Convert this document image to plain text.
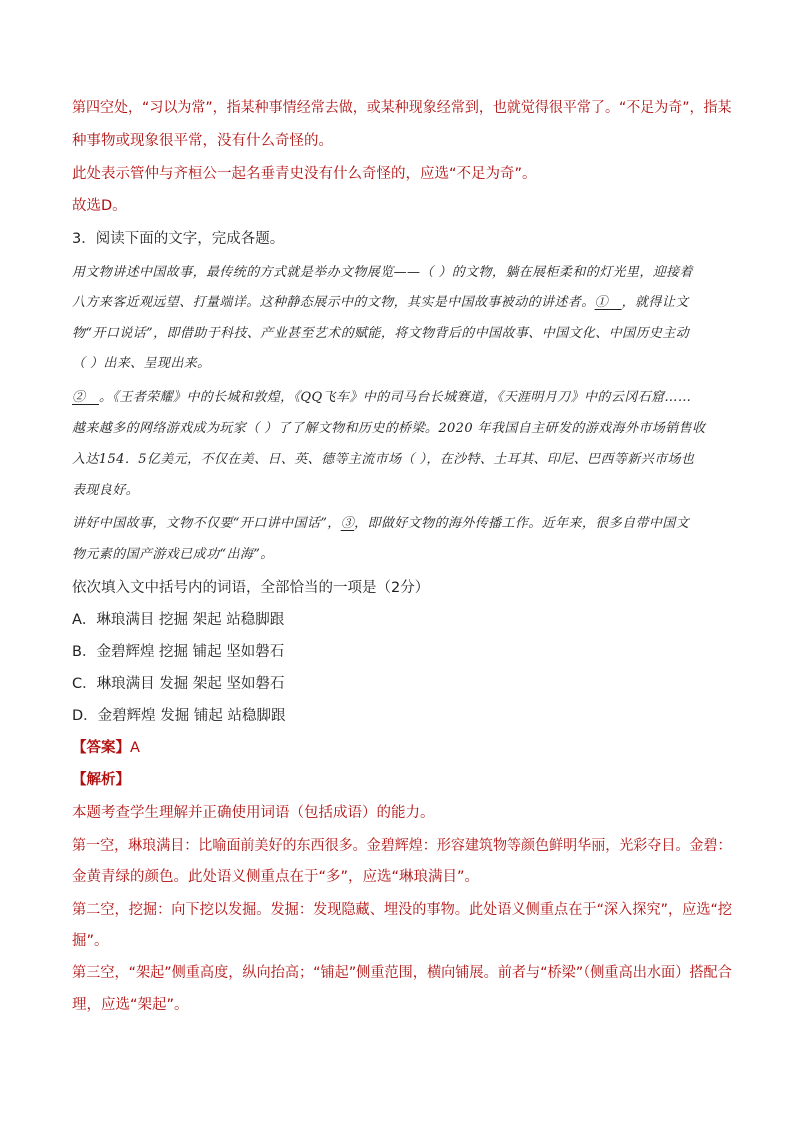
第四空处，“习以为常”，指某种事情经常去做，或某种现象经常到，也就觉得很平常了。“不足为奇”，指某
种事物或现象很平常，没有什么奇怪的。
此处表示管仲与齐桓公一起名垂青史没有什么奇怪的，应选“不足为奇”。
故选D。
3．阅读下面的文字，完成各题。
用文物讲述中国故事，最传统的方式就是举办文物展览——（ ）的文物，躺在展柜柔和的灯光里，迎接着
八方来客近观远望、打量端详。这种静态展示中的文物，其实是中国故事被动的讲述者。① ，就得让文
物“开口说话”，即借助于科技、产业甚至艺术的赋能，将文物背后的中国故事、中国文化、中国历史主动
（ ）出来、呈现出来。
② 。《王者荣耀》中的长城和敦煌，《QQ飞车》中的司马台长城赛道，《天涯明月刀》中的云冈石窟……
越来越多的网络游戏成为玩家（ ）了了解文物和历史的桥梁。2020 年我国自主研发的游戏海外市场销售收
入达154．5亿美元，不仅在美、日、英、德等主流市场（ ），在沙特、土耳其、印尼、巴西等新兴市场也
表现良好。
讲好中国故事，文物不仅要“开口讲中国话”，③，即做好文物的海外传播工作。近年来，很多自带中国文
物元素的国产游戏已成功“出海”。
依次填入文中括号内的词语，全部恰当的一项是（2分）
A．琳琅满目 挖掘 架起 站稳脚跟
B．金碧辉煌 挖掘 铺起 坚如磐石
C．琳琅满目 发掘 架起 坚如磐石
D．金碧辉煌 发掘 铺起 站稳脚跟
【答案】A
【解析】
本题考查学生理解并正确使用词语（包括成语）的能力。
第一空，琳琅满目：比喻面前美好的东西很多。金碧辉煌：形容建筑物等颜色鲜明华丽，光彩夺目。金碧：
金黄青绿的颜色。此处语义侧重点在于“多”，应选“琳琅满目”。
第二空，挖掘：向下挖以发掘。发掘：发现隐藏、埋没的事物。此处语义侧重点在于“深入探究”，应选“挖
掘”。
第三空，“架起”侧重高度，纵向抬高；“铺起”侧重范围，横向铺展。前者与“桥梁”（侧重高出水面）搭配合
理，应选“架起”。
